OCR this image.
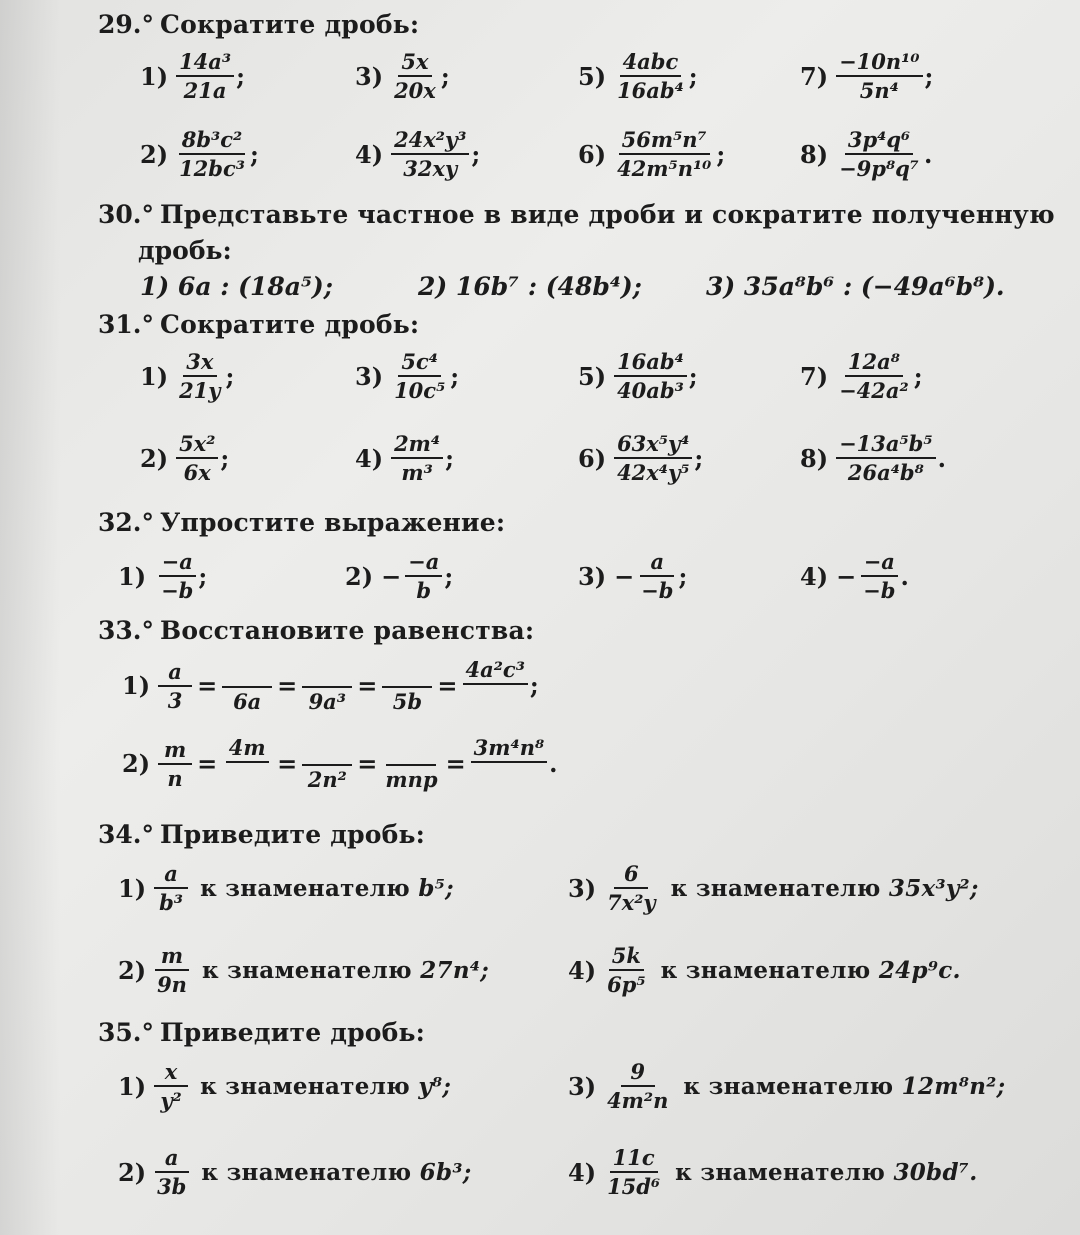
29.° Сократите дробь:
$1) \frac{\text{14a³}}{21a}$ ;
$2) \frac{\text{8b³c²}}{\text{12bc³}}$ ;
$3) \frac{5x}{20x}$ ;
$4) \frac{\text{24x²y³}}{32xy}$ ;
$5) \frac{\text{4abc}}{\text{16ab⁴}}$ ;
$6) \frac{\text{56m⁵n⁷}}{\text{42m⁵n¹⁰}}$ ;
$7) \frac{\text{−10n¹⁰}}{\text{5n⁴}}$ ;
$8) \frac{\text{3p⁴q⁶}}{\text{−9p⁸q⁷}}$ .
30.° Представьте частное в виде дроби и сократите полученную
дробь:
1) 6a : (18a⁵);	2) 16b⁷ : (48b⁴);	3) 35a⁸b⁶ : (−49a⁶b⁸).
31.° Сократите дробь:
$1) \frac{3x}{21y}$ ;
$2) \frac{\text{5x²}}{6x}$ ;
$3) \frac{\text{5c⁴}}{\text{10c⁵}}$ ;
$4) \frac{\text{2m⁴}}{\text{m³}}$ ;
$5) \frac{\text{16ab⁴}}{\text{40ab³}}$ ;
$6) \frac{\text{63x⁵y⁴}}{\text{42x⁴y⁵}}$ ;
$7) \frac{\text{12a⁸}}{\text{−42a²}}$ ;
$8) \frac{\text{−13a⁵b⁵}}{\text{26a⁴b⁸}}$ .
32.° Упростите выражение:
$1) \frac{-a}{-b}$ ;	$2) - \frac{-a}{b}$ ;	$3) - \frac{a}{-b}$ ;	$4) - \frac{-a}{-b}$ .
33.° Восстановите равенства:
$1) \frac{a}{3}$ =
6a
=
9a³
=
5b
=
4a²c³
;
$2) \frac{m}{n}$ =
4m
=
2n²
=
mnp
=
3m⁴n⁸
.
34.° Приведите дробь:
$1) \frac{a}{\text{b³}}$ к знаменателю b⁵;
$2) \frac{m}{9n}$ к знаменателю 27n⁴;
$3) \frac{6}{\text{7x²y}}$ к знаменателю 35x³y²;
$4) \frac{5k}{\text{6p⁵}}$ к знаменателю 24p⁹c.
35.° Приведите дробь:
$1) \frac{x}{\text{y²}}$ к знаменателю y⁸;
$2) \frac{a}{3b}$ к знаменателю 6b³;
$3) \frac{9}{\text{4m²n}}$ к знаменателю 12m⁸n²;
$4) \frac{11c}{\text{15d⁶}}$ к знаменателю 30bd⁷.
